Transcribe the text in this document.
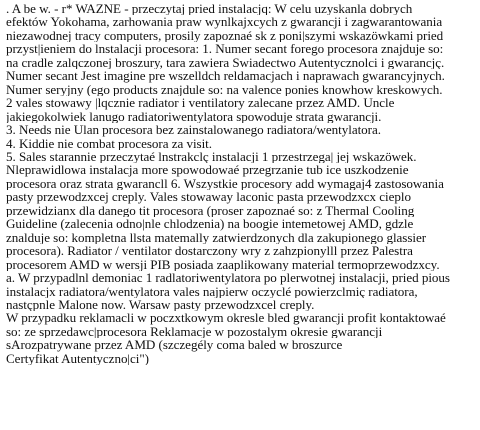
. A be w. - r* WAZNE - przeczytaj pried instalacjq: W celu uzyskanla dobrych
efektów Yokohama, zarhowania praw wynlkajxcych z gwarancji i zagwarantowania
niezawodnej tracy computers, prosily zapoznaé sk z poni|szymi wskazöwkami pried
przyst|ieniem do lnstalacji procesora: 1. Numer secant forego procesora znajduje so:
na cradle zalqczonej broszury, tara zawiera Swiadectwo Autentycznolci i gwarancjç.
Numer secant Jest imagine pre wszelldch reldamacjach i naprawach gwarancyjnych.
Numer seryjny (ego products znajdule so: na valence ponies knowhow kreskowych.
2 vales stowawy |lqcznie radiator i ventilatory zalecane przez AMD. Uncle
jakiegokolwiek lanugo radiatoriwentylatora spowoduje strata gwarancji.
3. Needs nie Ulan procesora bez zainstalowanego radiatora/wentylatora.
4. Kiddie nie combat procesora za visit.
5. Sales starannie przeczytaé lnstrakclç instalacji 1 przestrzega| jej wskazöwek.
Nleprawidlowa instalacja more spowodowaé przegrzanie tub ice uszkodzenie
procesora oraz strata gwarancll 6. Wszystkie procesory add wymagaj4 zastosowania
pasty przewodzxcej creply. Vales stowaway laconic pasta przewodzxcx cieplo
przewidzianx dla danego tit procesora (proser zapoznaé so: z Thermal Cooling
Guideline (zalecenia odno|nle chlodzenia) na boogie intemetowej AMD, gdzle
znalduje so: kompletna llsta matemally zatwierdzonych dla zakupionego glassier
procesora). Radiator / ventilator dostarczony wry z zahzpionylll przez Palestra
procesorem AMD w wersji PIB posiada zaaplikowany material termoprzewodzxcy.
a. W przypadlnl demoniac 1 radlatoriwentylatora po plerwotnej instalacji, pried pious
instalacjx radiatora/wentylatora vales najpierw oczyclé powierzclmiç radiatora,
nastçpnle Malone now. Warsaw pasty przewodzxcel creply.
W przypadku reklamacli w poczxtkowym okresle bled gwarancji profit kontaktowaé
so: ze sprzedawc|procesora Reklamacje w pozostalym okresie gwarancji
sArozpatrywane przez AMD (szczegély coma baled w broszurce
Certyfikat Autentyczno|ci")
